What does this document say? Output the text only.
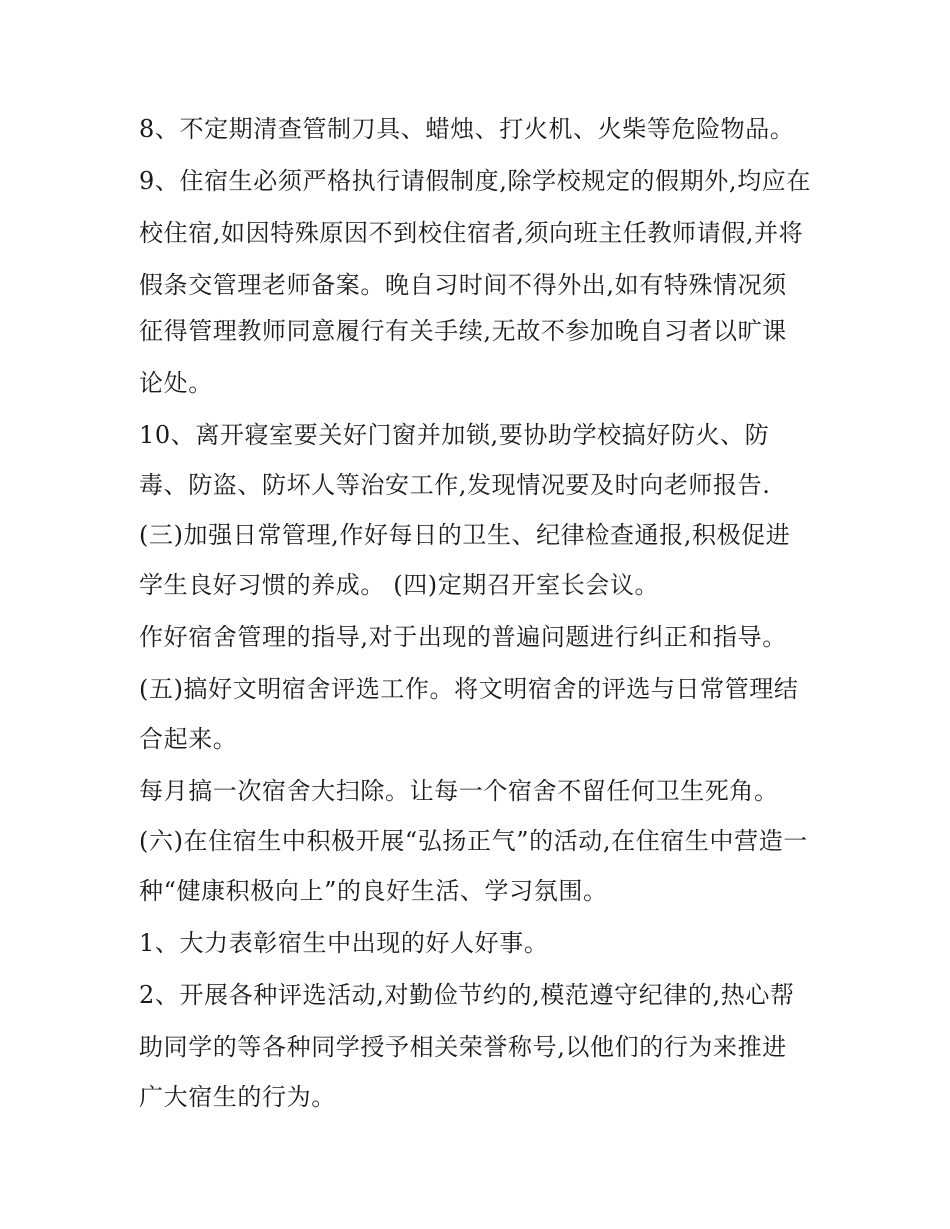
8、不定期清查管制刀具、蜡烛、打火机、火柴等危险物品。
9、住宿生必须严格执行请假制度,除学校规定的假期外,均应在
校住宿,如因特殊原因不到校住宿者,须向班主任教师请假,并将
假条交管理老师备案。晚自习时间不得外出,如有特殊情况须
征得管理教师同意履行有关手续,无故不参加晚自习者以旷课
论处。
10、离开寝室要关好门窗并加锁,要协助学校搞好防火、防
毒、防盗、防坏人等治安工作,发现情况要及时向老师报告.
(三)加强日常管理,作好每日的卫生、纪律检查通报,积极促进
学生良好习惯的养成。 (四)定期召开室长会议。
作好宿舍管理的指导,对于出现的普遍问题进行纠正和指导。
(五)搞好文明宿舍评选工作。将文明宿舍的评选与日常管理结
合起来。
每月搞一次宿舍大扫除。让每一个宿舍不留任何卫生死角。
(六)在住宿生中积极开展“弘扬正气”的活动,在住宿生中营造一
种“健康积极向上”的良好生活、学习氛围。
1、大力表彰宿生中出现的好人好事。
2、开展各种评选活动,对勤俭节约的,模范遵守纪律的,热心帮
助同学的等各种同学授予相关荣誉称号,以他们的行为来推进
广大宿生的行为。
